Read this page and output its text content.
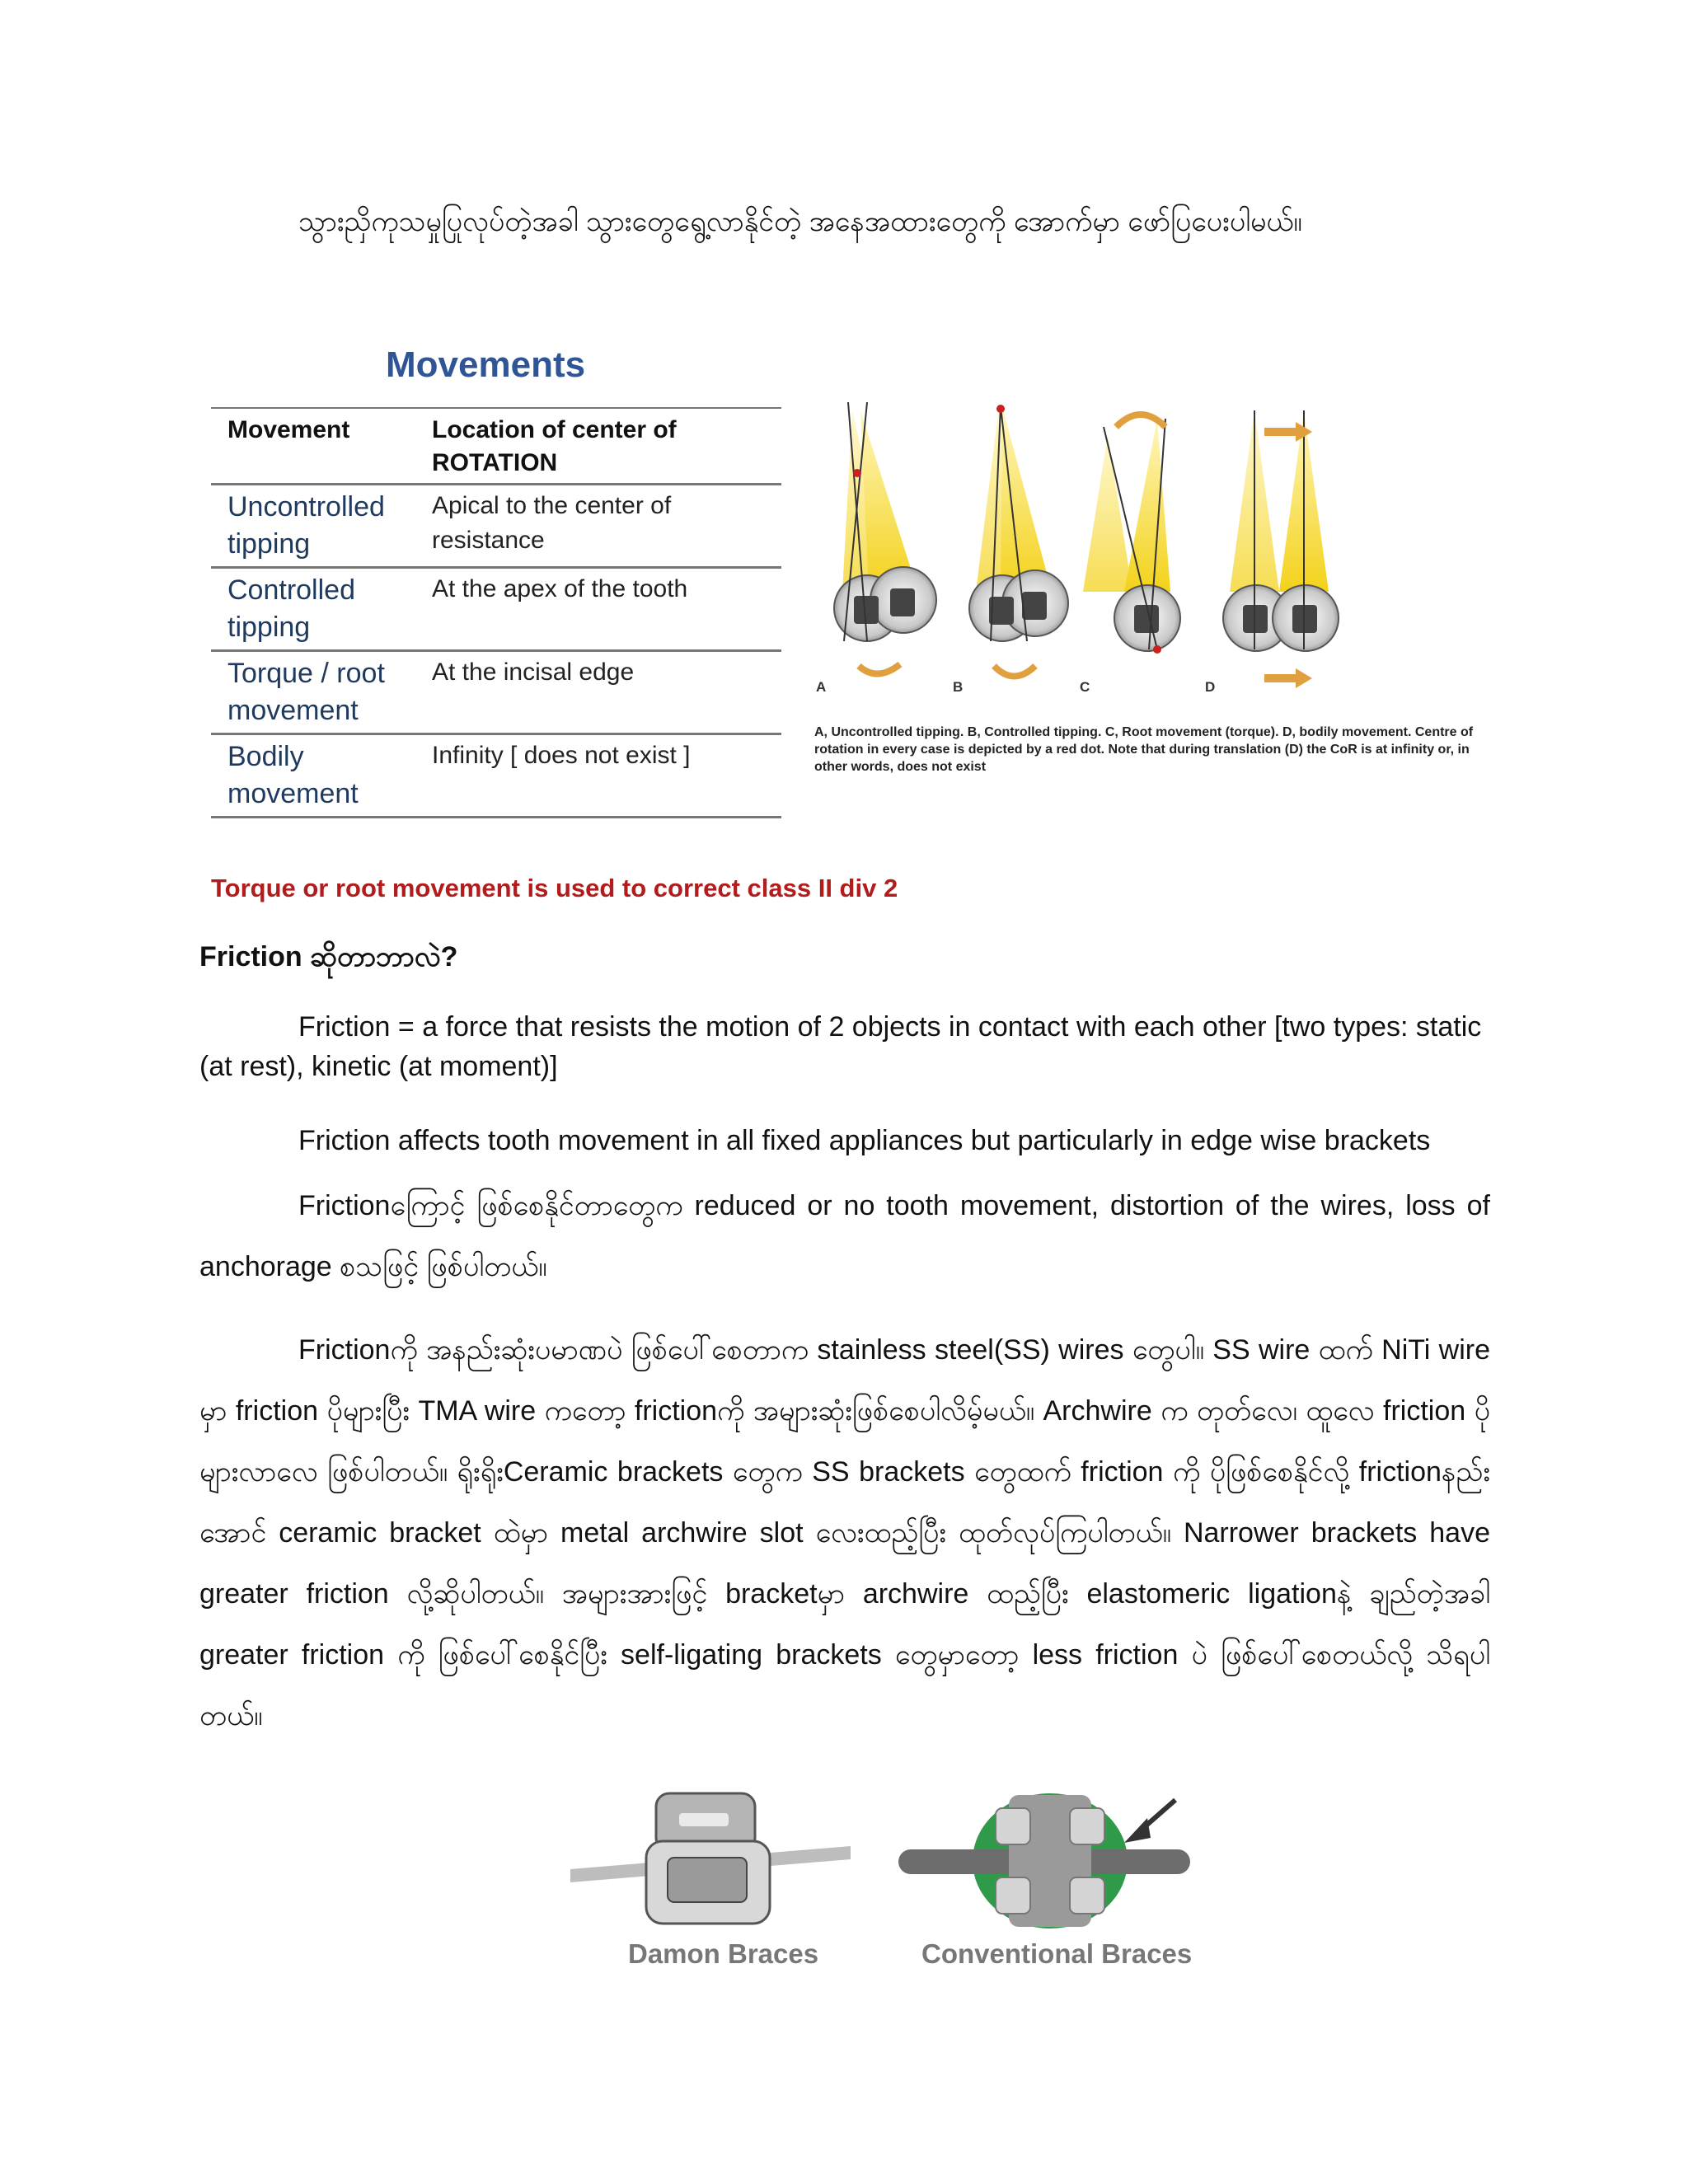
သွားညှိကုသမှုပြုလုပ်တဲ့အခါ သွားတွေရွေ့လာနိုင်တဲ့ အနေအထားတွေကို အောက်မှာ ဖော်ပြပေးပါမယ်။

Movements
Movement	Location of center of ROTATION
Uncontrolled tipping	Apical to the center of resistance
Controlled tipping	At the apex of the tooth
Torque / root movement	At the incisal edge
Bodily movement	Infinity [ does not exist ]
A	B	C	D
A, Uncontrolled tipping. B, Controlled tipping. C, Root movement (torque). D, bodily movement. Centre of rotation in every case is depicted by a red dot. Note that during translation (D) the CoR is at infinity or, in other words, does not exist
Torque or root movement is used to correct class II div 2
Friction ဆိုတာဘာလဲ?

Friction = a force that resists the motion of 2 objects in contact with each other [two types: static (at rest), kinetic (at moment)]

Friction affects tooth movement in all fixed appliances but particularly in edge wise brackets

Frictionကြောင့် ဖြစ်စေနိုင်တာတွေက reduced or no tooth movement, distortion of the wires, loss of anchorage စသဖြင့် ဖြစ်ပါတယ်။

Frictionကို အနည်းဆုံးပမာဏပဲ ဖြစ်ပေါ်စေတာက stainless steel(SS) wires တွေပါ။ SS wire ထက် NiTi wire မှာ friction ပိုများပြီး TMA wire ကတော့ frictionကို အများဆုံးဖြစ်စေပါလိမ့်မယ်။ Archwire က တုတ်လေ၊ ထူလေ friction ပိုများလာလေ ဖြစ်ပါတယ်။ ရိုးရိုးCeramic brackets တွေက SS brackets တွေထက် friction ကို ပိုဖြစ်စေနိုင်လို့ frictionနည်းအောင် ceramic bracket ထဲမှာ metal archwire slot လေးထည့်ပြီး ထုတ်လုပ်ကြပါတယ်။ Narrower brackets have greater friction လို့ဆိုပါတယ်။ အများအားဖြင့် bracketမှာ archwire ထည့်ပြီး elastomeric ligationနဲ့ ချည်တဲ့အခါ greater friction ကို ဖြစ်ပေါ်စေနိုင်ပြီး self-ligating brackets တွေမှာတော့ less friction ပဲ ဖြစ်ပေါ်စေတယ်လို့ သိရပါတယ်။

Damon Braces	Conventional Braces
